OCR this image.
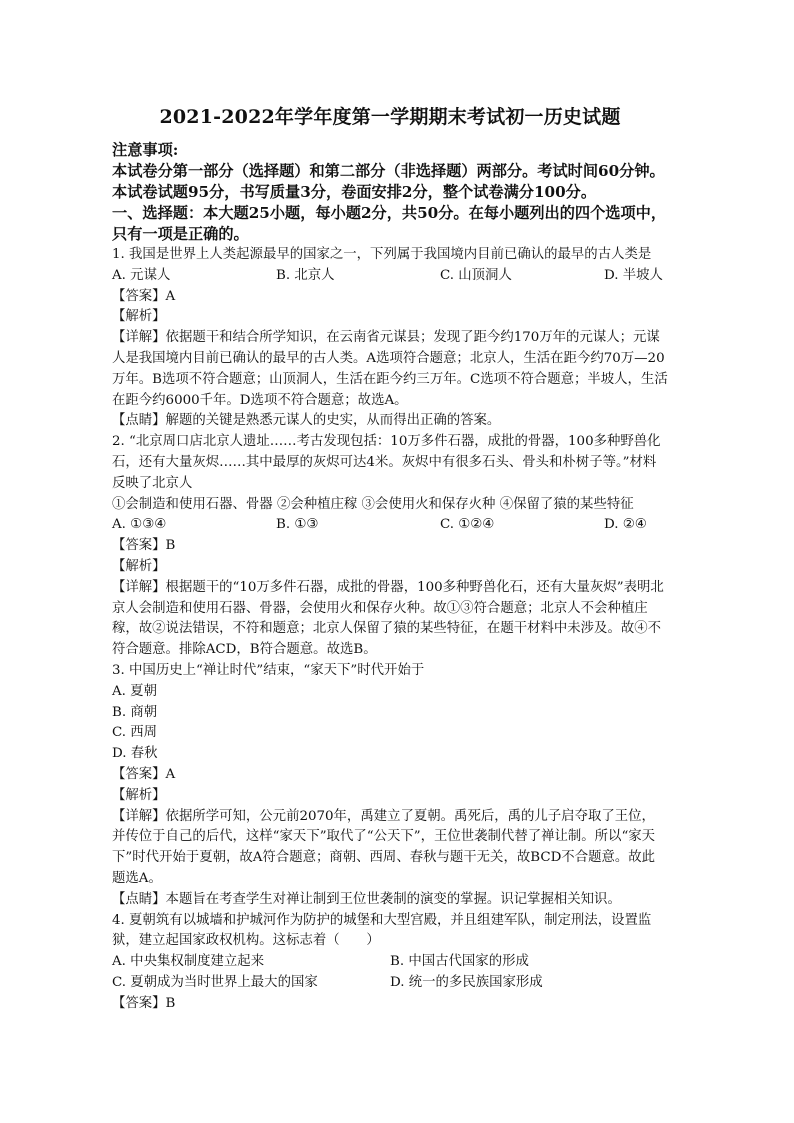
2021-2022年学年度第一学期期末考试初一历史试题
注意事项:
本试卷分第一部分（选择题）和第二部分（非选择题）两部分。考试时间60分钟。
本试卷试题95分，书写质量3分，卷面安排2分，整个试卷满分100分。
一、选择题：本大题25小题，每小题2分，共50分。在每小题列出的四个选项中，只有一项是正确的。

1. 我国是世界上人类起源最早的国家之一，下列属于我国境内目前已确认的最早的古人类是

A. 元谋人	B. 北京人	C. 山顶洞人	D. 半坡人

【答案】A

【解析】

【详解】依据题干和结合所学知识，在云南省元谋县；发现了距今约170万年的元谋人；元谋人是我国境内目前已确认的最早的古人类。A选项符合题意；北京人，生活在距今约70万—20万年。B选项不符合题意；山顶洞人，生活在距今约三万年。C选项不符合题意；半坡人，生活在距今约6000千年。D选项不符合题意；故选A。

【点睛】解题的关键是熟悉元谋人的史实，从而得出正确的答案。

2. “北京周口店北京人遗址……考古发现包括：10万多件石器，成批的骨器，100多种野兽化石，还有大量灰烬……其中最厚的灰烬可达4米。灰烬中有很多石头、骨头和朴树子等。”材料反映了北京人

①会制造和使用石器、骨器 ②会种植庄稼 ③会使用火和保存火种 ④保留了猿的某些特征

A. ①③④	B. ①③	C. ①②④	D. ②④

【答案】B

【解析】

【详解】根据题干的“10万多件石器，成批的骨器，100多种野兽化石，还有大量灰烬”表明北京人会制造和使用石器、骨器，会使用火和保存火种。故①③符合题意；北京人不会种植庄稼，故②说法错误，不符和题意；北京人保留了猿的某些特征，在题干材料中未涉及。故④不符合题意。排除ACD，B符合题意。故选B。

3. 中国历史上“禅让时代”结束，“家天下”时代开始于

A. 夏朝
B. 商朝
C. 西周
D. 春秋

【答案】A

【解析】

【详解】依据所学可知，公元前2070年，禹建立了夏朝。禹死后，禹的儿子启夺取了王位，并传位于自己的后代，这样“家天下”取代了“公天下”，王位世袭制代替了禅让制。所以“家天下”时代开始于夏朝，故A符合题意；商朝、西周、春秋与题干无关，故BCD不合题意。故此题选A。

【点睛】本题旨在考查学生对禅让制到王位世袭制的演变的掌握。识记掌握相关知识。

4. 夏朝筑有以城墙和护城河作为防护的城堡和大型宫殿，并且组建军队，制定刑法，设置监狱，建立起国家政权机构。这标志着（　　）

A. 中央集权制度建立起来	B. 中国古代国家的形成
C. 夏朝成为当时世界上最大的国家	D. 统一的多民族国家形成

【答案】B
